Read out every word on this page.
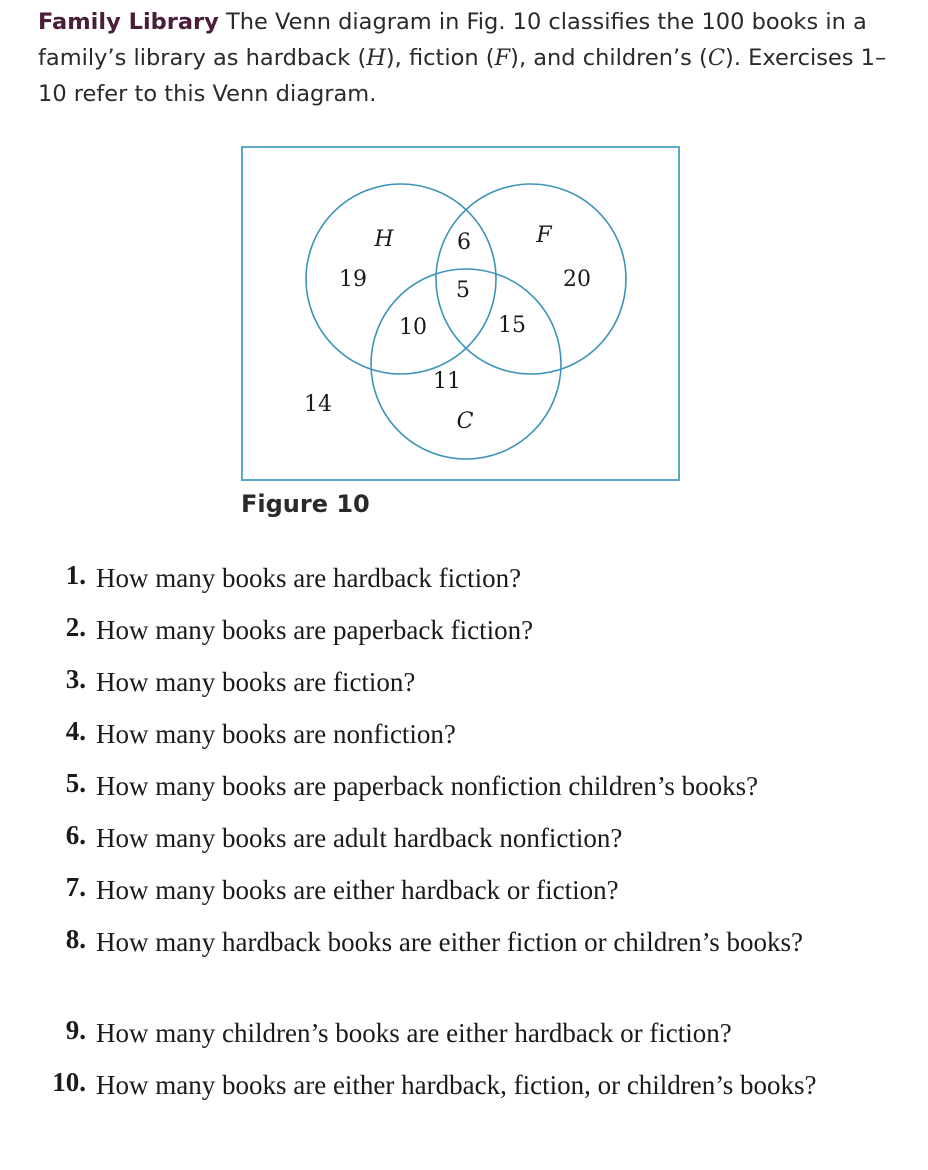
Family Library The Venn diagram in Fig. 10 classifies the 100 books in a family’s library as hardback (H), fiction (F), and children’s (C). Exercises 1–10 refer to this Venn diagram.

H	F
C
19
6
20
5
10	15
11
14
Figure 10
1. How many books are hardback fiction?
2. How many books are paperback fiction?
3. How many books are fiction?
4. How many books are nonfiction?
5. How many books are paperback nonfiction children’s books?
6. How many books are adult hardback nonfiction?
7. How many books are either hardback or fiction?
8. How many hardback books are either fiction or children’s books?
9. How many children’s books are either hardback or fiction?
10. How many books are either hardback, fiction, or children’s books?
